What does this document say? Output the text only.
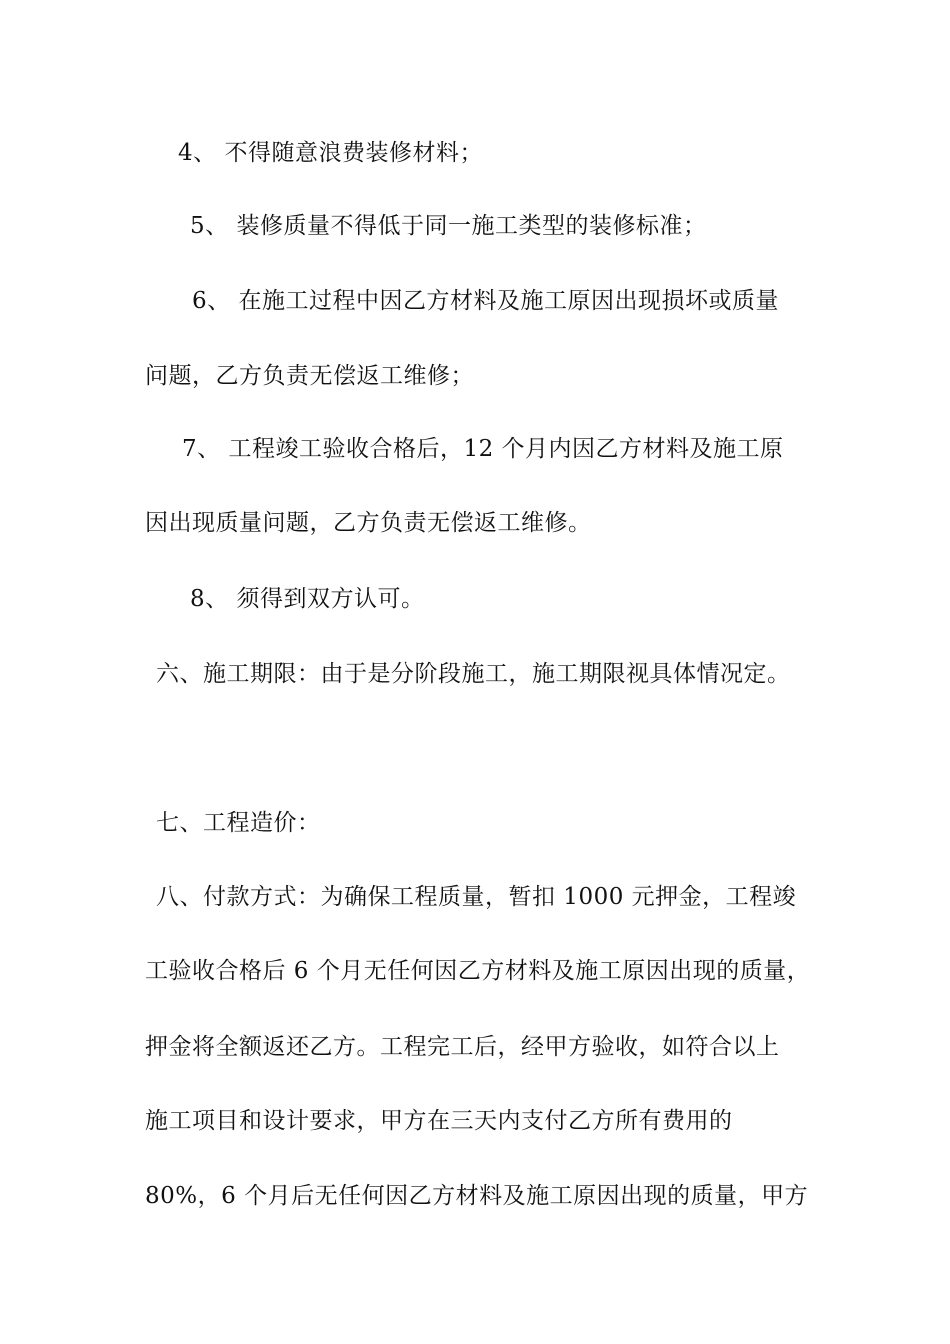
4、 不得随意浪费装修材料；
5、 装修质量不得低于同一施工类型的装修标准；
6、 在施工过程中因乙方材料及施工原因出现损坏或质量
问题，乙方负责无偿返工维修；
7、 工程竣工验收合格后，12 个月内因乙方材料及施工原
因出现质量问题，乙方负责无偿返工维修。
8、 须得到双方认可。
六、施工期限：由于是分阶段施工，施工期限视具体情况定。
七、工程造价：
八、付款方式：为确保工程质量，暂扣 1000 元押金，工程竣
工验收合格后 6 个月无任何因乙方材料及施工原因出现的质量，
押金将全额返还乙方。工程完工后，经甲方验收，如符合以上
施工项目和设计要求，甲方在三天内支付乙方所有费用的
80%，6 个月后无任何因乙方材料及施工原因出现的质量，甲方
